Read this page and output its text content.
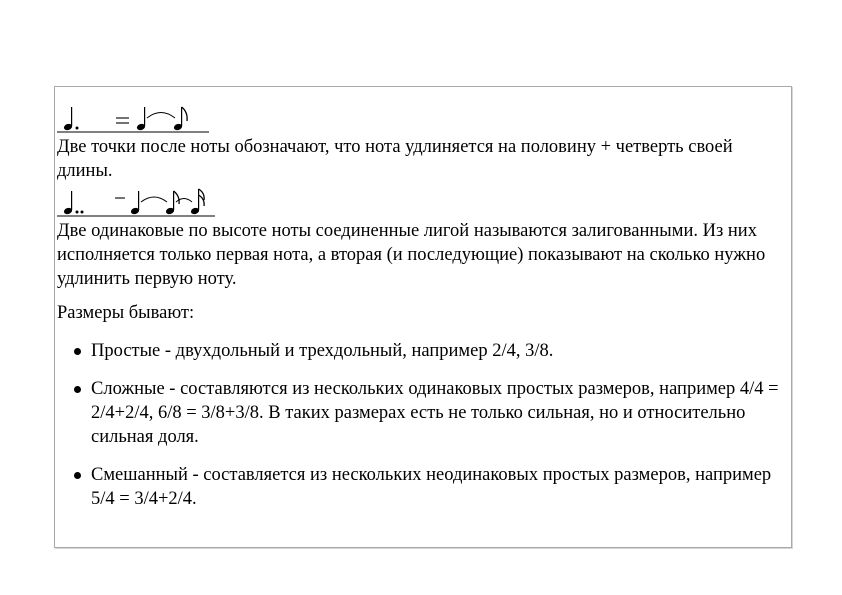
Две точки после ноты обозначают, что нота удлиняется на половину + четверть своей длины.

Две одинаковые по высоте ноты соединенные лигой называются залигованными. Из них исполняется только первая нота, а вторая (и последующие) показывают на сколько нужно удлинить первую ноту.

Размеры бывают:

Простые - двухдольный и трехдольный, например 2/4, 3/8.
Сложные - составляются из нескольких одинаковых простых размеров, например 4/4 = 2/4+2/4, 6/8 = 3/8+3/8. В таких размерах есть не только сильная, но и относительно сильная доля.
Смешанный - составляется из нескольких неодинаковых простых размеров, например 5/4 = 3/4+2/4.
